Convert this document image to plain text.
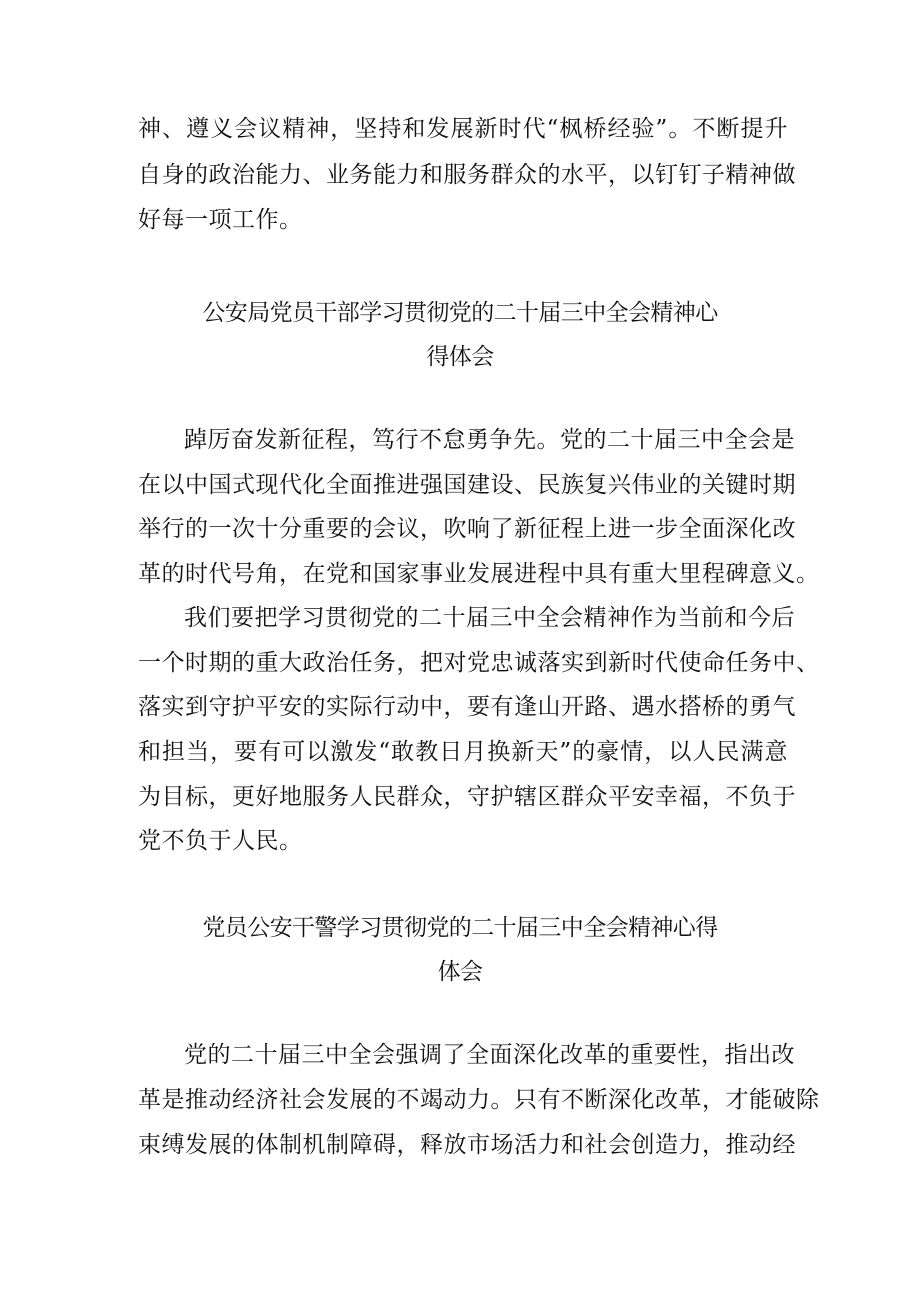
神、遵义会议精神，坚持和发展新时代“枫桥经验”。不断提升
自身的政治能力、业务能力和服务群众的水平，以钉钉子精神做
好每一项工作。
公安局党员干部学习贯彻党的二十届三中全会精神心
得体会
踔厉奋发新征程，笃行不怠勇争先。党的二十届三中全会是
在以中国式现代化全面推进强国建设、民族复兴伟业的关键时期
举行的一次十分重要的会议，吹响了新征程上进一步全面深化改
革的时代号角，在党和国家事业发展进程中具有重大里程碑意义。
我们要把学习贯彻党的二十届三中全会精神作为当前和今后
一个时期的重大政治任务，把对党忠诚落实到新时代使命任务中、
落实到守护平安的实际行动中，要有逢山开路、遇水搭桥的勇气
和担当，要有可以激发“敢教日月换新天”的豪情，以人民满意
为目标，更好地服务人民群众，守护辖区群众平安幸福，不负于
党不负于人民。
党员公安干警学习贯彻党的二十届三中全会精神心得
体会
党的二十届三中全会强调了全面深化改革的重要性，指出改
革是推动经济社会发展的不竭动力。只有不断深化改革，才能破除
束缚发展的体制机制障碍，释放市场活力和社会创造力，推动经
